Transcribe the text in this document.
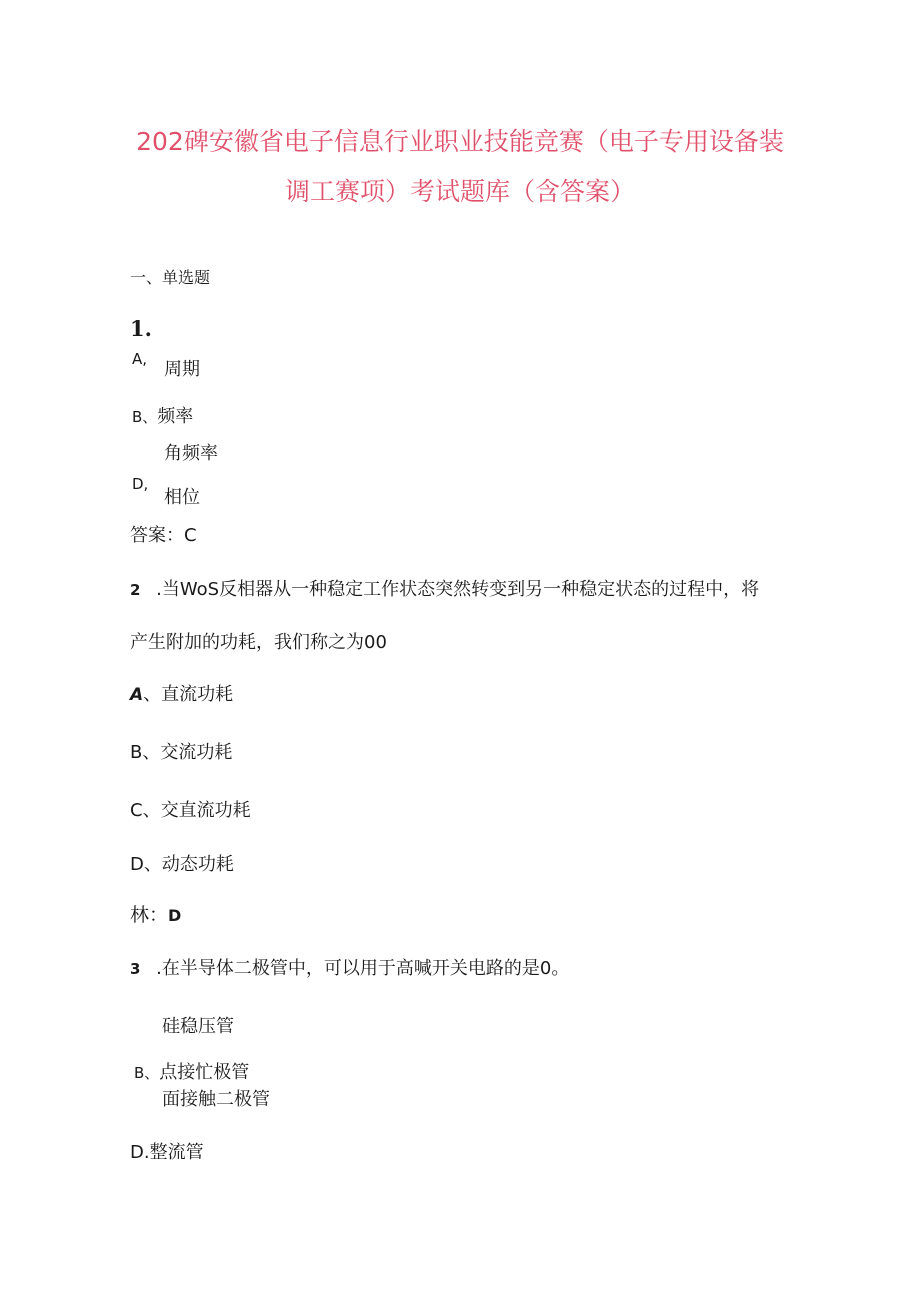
202碑安徽省电子信息行业职业技能竞赛（电子专用设备装
调工赛项）考试题库（含答案）
一、单选题
1.
A, 周期
B、频率
角频率
D,
相位
答案：C
2 .当WoS反相器从一种稳定工作状态突然转变到另一种稳定状态的过程中，将
产生附加的功耗，我们称之为00
A、直流功耗
B、交流功耗
C、交直流功耗
D、动态功耗
林：D
3 .在半导体二极管中，可以用于高喊开关电路的是0。
硅稳压管
B、点接忙极管
面接触二极管
D.整流管
